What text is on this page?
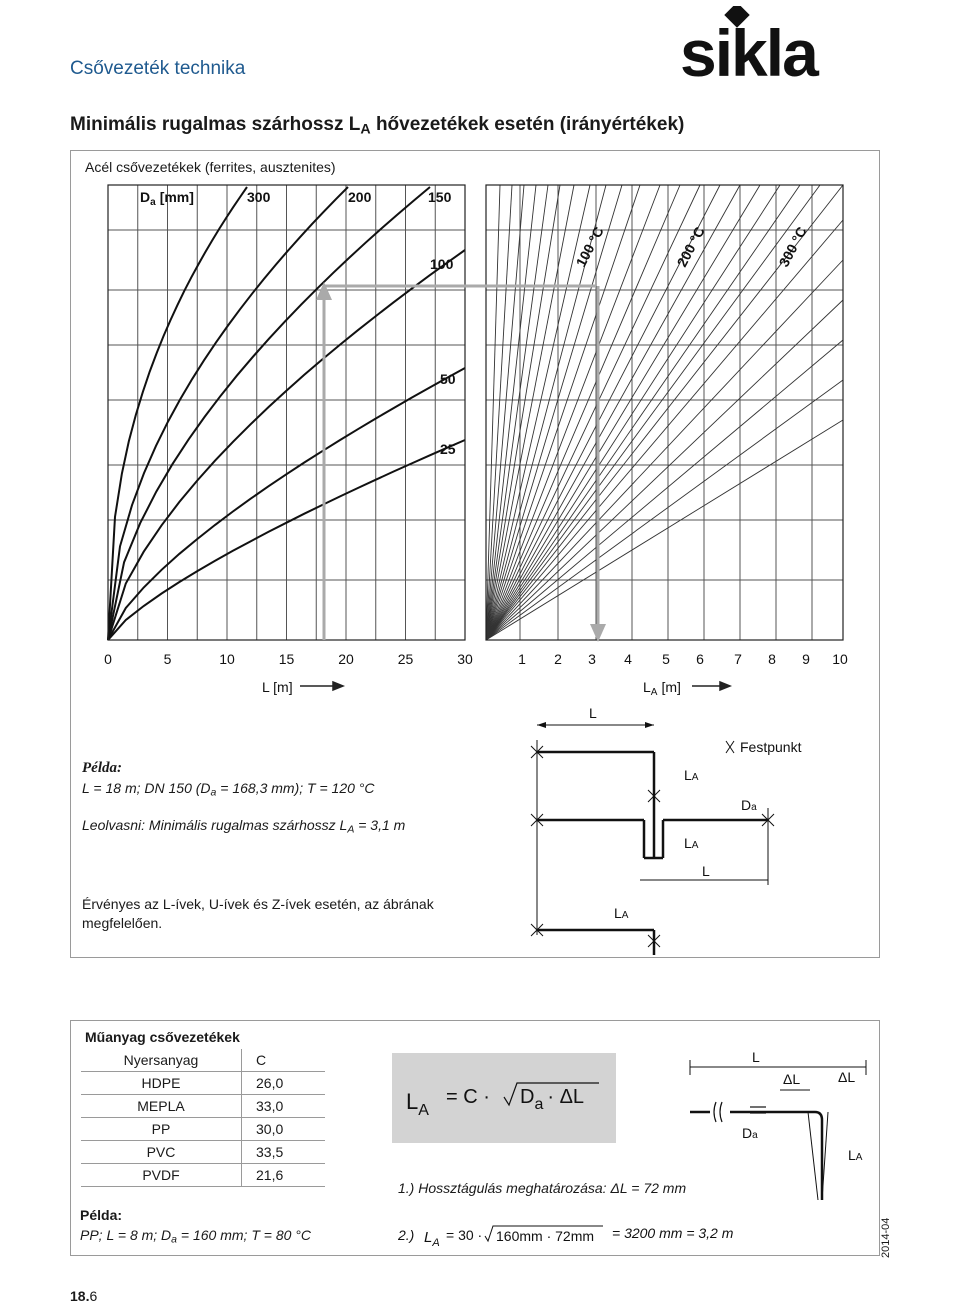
Csővezeték technika	sikla
Minimális rugalmas szárhossz $L_A$ hővezetékek esetén (irányértékek)
Acél csővezetékek (ferrites, ausztenites)
$D_a$ [mm]	300	200	150
100
50
25
0	5	10	15	20	25	30
L [m]
100 °C	200 °C	300 °C
1 2 3 4 5 6 7 8 9 10
$L_A$ [m]
L
Festpunkt
LA
Da
LA
L
LA
L
ΔL	ΔL
Da
LA
Példa:
L = 18 m; DN 150 ($D_a = 168,3$ mm); T = 120 °C
Leolvasni: Minimális rugalmas szárhossz $L_A = 3,1$ m
Érvényes az L-ívek, U-ívek és Z-ívek esetén, az ábrának megfelelően.
Műanyag csővezetékek
Nyersanyag	C
HDPE	26,0
MEPLA	33,0
PP	30,0
PVC	33,5
PVDF	21,6
$L_A$
= $C \cdot D_a \cdot \Delta L$
1.) Hossztágulás meghatározása: ΔL = 72 mm
2.) $L_A = 30 \cdot 160mm \cdot 72mm = 3200$ mm = 3,2 m
Példa:
PP; L = 8 m; $D_a = 160$ mm; T = 80 °C
18.6
2014-04
